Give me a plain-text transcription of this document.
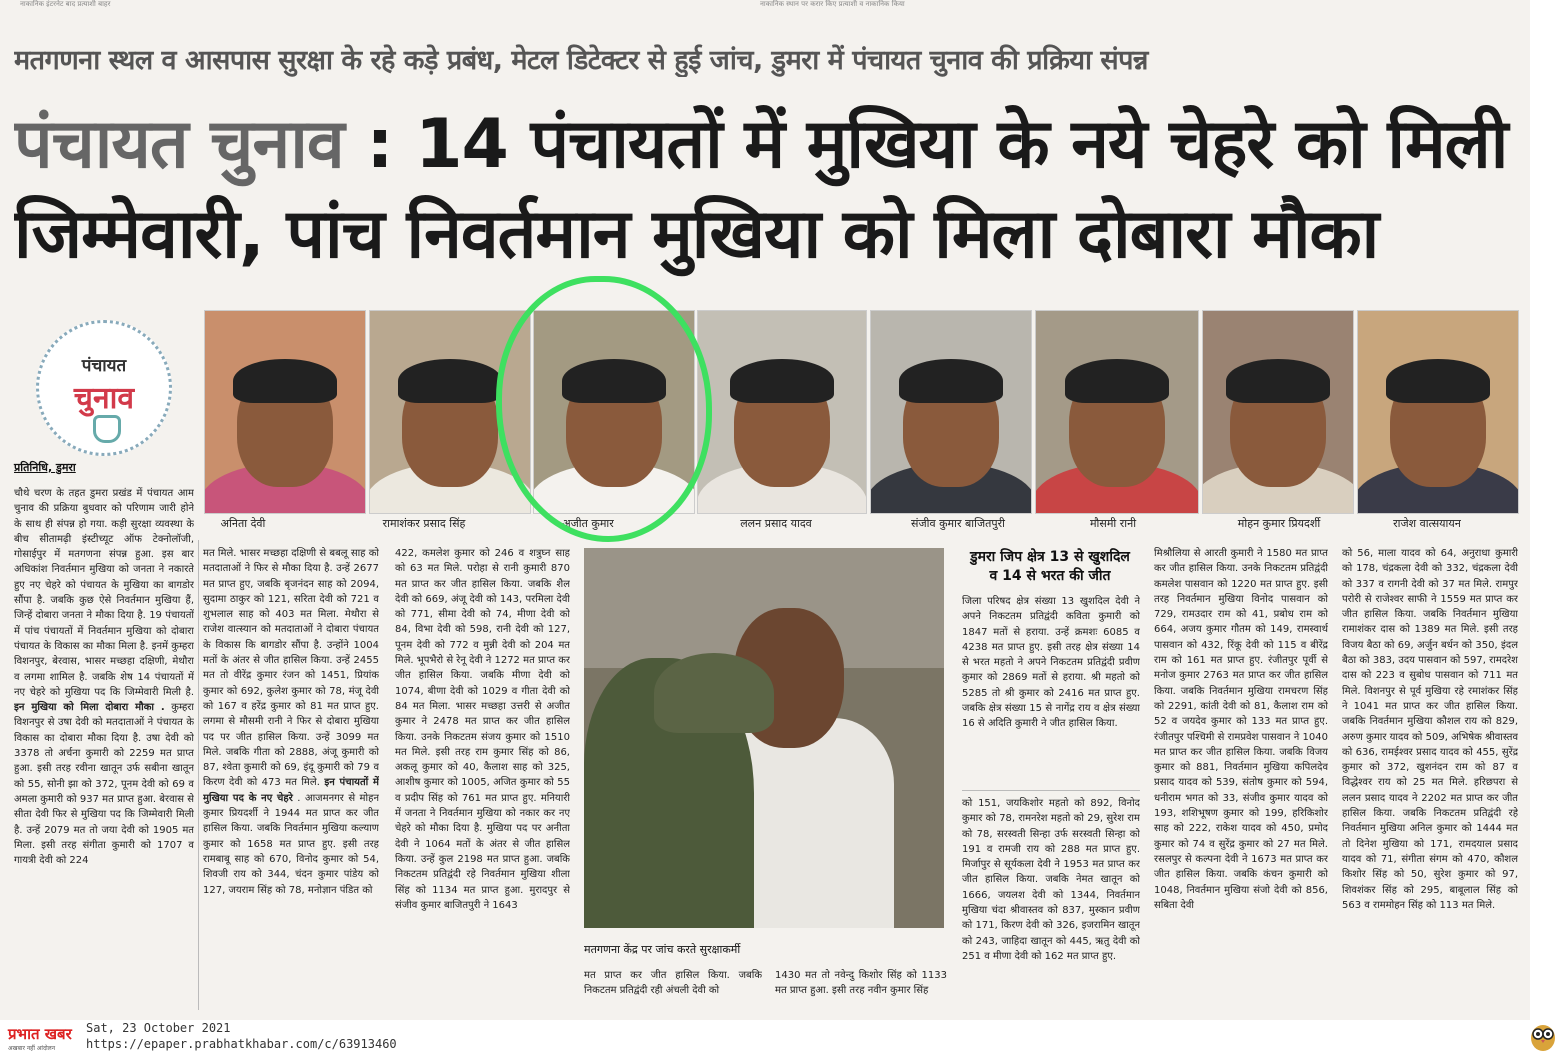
नाकानिक इंटरनेट बाद प्रत्याशी बाहर	नाकानिक स्थान पर करार किए प्रत्याशी व नाकानिक किया
मतगणना स्थल व आसपास सुरक्षा के रहे कड़े प्रबंध, मेटल डिटेक्टर से हुई जांच, डुमरा में पंचायत चुनाव की प्रक्रिया संपन्न
पंचायत चुनाव : 14 पंचायतों में मुखिया के नये चेहरे को मिली
जिम्मेवारी, पांच निवर्तमान मुखिया को मिला दोबारा मौका
पंचायत
चुनाव
प्रतिनिधि, डुमरा
अनिता देवी	रामाशंकर प्रसाद सिंह	अजीत कुमार	ललन प्रसाद यादव	संजीव कुमार बाजितपुरी	मौसमी रानी	मोहन कुमार प्रियदर्शी	राजेश वात्सयायन
चौथे चरण के तहत डुमरा प्रखंड में पंचायत आम चुनाव की प्रक्रिया बुधवार को परिणाम जारी होने के साथ ही संपन्न हो गया. कड़ी सुरक्षा व्यवस्था के बीच सीतामढ़ी इंस्टीच्यूट ऑफ टेक्नोलॉजी, गोसाईपुर में मतगणना संपन्न हुआ. इस बार अधिकांश निवर्तमान मुखिया को जनता ने नकारते हुए नए चेहरे को पंचायत के मुखिया का बागडोर सौंपा है. जबकि कुछ ऐसे निवर्तमान मुखिया हैं, जिन्हें दोबारा जनता ने मौका दिया है. 19 पंचायतों में पांच पंचायतों में निवर्तमान मुखिया को दोबारा पंचायत के विकास का मौका मिला है. इनमें कुम्हरा विशनपुर, बेरवास, भासर मच्छहा दक्षिणी, मेथौरा व लगमा शामिल है. जबकि शेष 14 पंचायतों में नए चेहरे को मुखिया पद कि जिम्मेवारी मिली है. इन मुखिया को मिला दोबारा मौका . कुम्हरा विशनपुर से उषा देवी को मतदाताओं ने पंचायत के विकास का दोबारा मौका दिया है. उषा देवी को 3378 तो अर्चना कुमारी को 2259 मत प्राप्त हुआ. इसी तरह रवीना खातून उर्फ सबीना खातून को 55, सोनी झा को 372, पूनम देवी को 69 व अमला कुमारी को 937 मत प्राप्त हुआ. बेरवास से सीता देवी फिर से मुखिया पद कि जिम्मेवारी मिली है. उन्हें 2079 मत तो जया देवी को 1905 मत मिला. इसी तरह संगीता कुमारी को 1707 व गायत्री देवी को 224
मत मिले. भासर मच्छहा दक्षिणी से बबलू साह को मतदाताओं ने फिर से मौका दिया है. उन्हें 2677 मत प्राप्त हुए, जबकि बृजनंदन साह को 2094, सुदामा ठाकुर को 121, सरिता देवी को 721 व शुभलाल साह को 403 मत मिला. मेथौरा से राजेश वात्स्यान को मतदाताओं ने दोबारा पंचायत के विकास कि बागडोर सौंपा है. उन्होंने 1004 मतों के अंतर से जीत हासिल किया. उन्हें 2455 मत तो वीरेंद्र कुमार रंजन को 1451, प्रियांक कुमार को 692, कुलेश कुमार को 78, मंजू देवी को 167 व हरेंद्र कुमार को 81 मत प्राप्त हुए. लगमा से मौसमी रानी ने फिर से दोबारा मुखिया पद पर जीत हासिल किया. उन्हें 3099 मत मिले. जबकि गीता को 2888, अंजू कुमारी को 87, श्वेता कुमारी को 69, इंदू कुमारी को 79 व किरण देवी को 473 मत मिले. इन पंचायतों में मुखिया पद के नए चेहरे . आजमनगर से मोहन कुमार प्रियदर्शी ने 1944 मत प्राप्त कर जीत हासिल किया. जबकि निवर्तमान मुखिया कल्याण कुमार को 1658 मत प्राप्त हुए. इसी तरह रामबाबू साह को 670, विनोद कुमार को 54, शिवजी राय को 344, चंदन कुमार पांडेय को 127, जयराम सिंह को 78, मनोज्ञान पंडित को
422, कमलेश कुमार को 246 व शत्रुघ्न साह को 63 मत मिले. परोहा से रानी कुमारी 870 मत प्राप्त कर जीत हासिल किया. जबकि शैल देवी को 669, अंजू देवी को 143, परमिला देवी को 771, सीमा देवी को 74, मीणा देवी को 84, विभा देवी को 598, रानी देवी को 127, पूनम देवी को 772 व मुन्नी देवी को 204 मत मिले. भूपभैरो से रेनू देवी ने 1272 मत प्राप्त कर जीत हासिल किया. जबकि मीणा देवी को 1074, बीणा देवी को 1029 व गीता देवी को 84 मत मिला. भासर मच्छहा उत्तरी से अजीत कुमार ने 2478 मत प्राप्त कर जीत हासिल किया. उनके निकटतम संजय कुमार को 1510 मत मिले. इसी तरह राम कुमार सिंह को 86, अकलू कुमार को 40, कैलाश साह को 325, आशीष कुमार को 1005, अजित कुमार को 55 व प्रदीप सिंह को 761 मत प्राप्त हुए. मनियारी में जनता ने निवर्तमान मुखिया को नकार कर नए चेहरे को मौका दिया है. मुखिया पद पर अनीता देवी ने 1064 मतों के अंतर से जीत हासिल किया. उन्हें कुल 2198 मत प्राप्त हुआ. जबकि निकटतम प्रतिद्वंदी रहे निवर्तमान मुखिया शीला सिंह को 1134 मत प्राप्त हुआ. मुरादपुर से संजीव कुमार बाजितपुरी ने 1643
मतगणना केंद्र पर जांच करते सुरक्षाकर्मी
मत प्राप्त कर जीत हासिल किया. जबकि निकटतम प्रतिद्वंदी रही अंचली देवी को
1430 मत तो नवेन्दु किशोर सिंह को 1133 मत प्राप्त हुआ. इसी तरह नवीन कुमार सिंह
डुमरा जिप क्षेत्र 13 से खुशदिल
व 14 से भरत की जीत
जिला परिषद क्षेत्र संख्या 13 खुशदिल देवी ने अपने निकटतम प्रतिद्वंदी कविता कुमारी को 1847 मतों से हराया. उन्हें क्रमशः 6085 व 4238 मत प्राप्त हुए. इसी तरह क्षेत्र संख्या 14 से भरत महतो ने अपने निकटतम प्रतिद्वंदी प्रवीण कुमार को 2869 मतों से हराया. श्री महतो को 5285 तो श्री कुमार को 2416 मत प्राप्त हुए. जबकि क्षेत्र संख्या 15 से नागेंद्र राय व क्षेत्र संख्या 16 से अदिति कुमारी ने जीत हासिल किया.
को 151, जयकिशोर महतो को 892, विनोद कुमार को 78, रामनरेश महतो को 29, सुरेश राम को 78, सरस्वती सिन्हा उर्फ सरस्वती सिन्हा को 191 व रामजी राय को 288 मत प्राप्त हुए. मिर्जापुर से सूर्यकला देवी ने 1953 मत प्राप्त कर जीत हासिल किया. जबकि नेमत खातून को 1666, जयलश देवी को 1344, निवर्तमान मुखिया चंदा श्रीवास्तव को 837, मुस्कान प्रवीण को 171, किरण देवी को 326, इजरामिन खातून को 243, जाहिदा खातून को 445, ऋतु देवी को 251 व मीणा देवी को 162 मत प्राप्त हुए.
मिश्रौलिया से आरती कुमारी ने 1580 मत प्राप्त कर जीत हासिल किया. उनके निकटतम प्रतिद्वंदी कमलेश पासवान को 1220 मत प्राप्त हुए. इसी तरह निवर्तमान मुखिया विनोद पासवान को 729, रामउदार राम को 41, प्रबोध राम को 664, अजय कुमार गौतम को 149, रामस्वार्थ पासवान को 432, रिंकू देवी को 115 व बीरेंद्र राम को 161 मत प्राप्त हुए. रंजीतपुर पूर्वी से मनोज कुमार 2763 मत प्राप्त कर जीत हासिल किया. जबकि निवर्तमान मुखिया रामचरण सिंह को 2291, कांती देवी को 81, कैलाश राम को 52 व जयदेव कुमार को 133 मत प्राप्त हुए. रंजीतपुर पश्चिमी से रामप्रवेश पासवान ने 1040 मत प्राप्त कर जीत हासिल किया. जबकि विजय कुमार को 881, निवर्तमान मुखिया कपिलदेव प्रसाद यादव को 539, संतोष कुमार को 594, धनीराम भगत को 33, संजीव कुमार यादव को 193, शशिभूषण कुमार को 199, हरिकिशोर साह को 222, राकेश यादव को 450, प्रमोद कुमार को 74 व सुरेंद्र कुमार को 27 मत मिले. रसलपुर से कल्पना देवी ने 1673 मत प्राप्त कर जीत हासिल किया. जबकि कंचन कुमारी को 1048, निवर्तमान मुखिया संजो देवी को 856, सबिता देवी
को 56, माला यादव को 64, अनुराधा कुमारी को 178, चंद्रकला देवी को 332, चंद्रकला देवी को 337 व रागनी देवी को 37 मत मिले. रामपुर परोरी से राजेश्वर साफी ने 1559 मत प्राप्त कर जीत हासिल किया. जबकि निवर्तमान मुखिया रामाशंकर दास को 1389 मत मिले. इसी तरह विजय बैठा को 69, अर्जुन बर्धन को 350, इंदल बैठा को 383, उदय पासवान को 597, रामदरेश दास को 223 व सुबोध पासवान को 711 मत मिले. विशनपुर से पूर्व मुखिया रहे रमाशंकर सिंह ने 1041 मत प्राप्त कर जीत हासिल किया. जबकि निवर्तमान मुखिया कौशल राय को 829, अरुण कुमार यादव को 509, अभिषेक श्रीवास्तव को 636, रामईश्वर प्रसाद यादव को 455, सुरेंद्र कुमार को 372, खुशनंदन राम को 87 व विद्धेश्वर राय को 25 मत मिले. हरिछपरा से ललन प्रसाद यादव ने 2202 मत प्राप्त कर जीत हासिल किया. जबकि निकटतम प्रतिद्वंदी रहे निवर्तमान मुखिया अनिल कुमार को 1444 मत तो दिनेश मुखिया को 171, रामदयाल प्रसाद यादव को 71, संगीता संगम को 470, कौशल किशोर सिंह को 50, सुरेश कुमार को 97, शिवशंकर सिंह को 295, बाबूलाल सिंह को 563 व राममोहन सिंह को 113 मत मिले.
प्रभात खबर
अखबार नहीं आंदोलन
Sat, 23 October 2021
https://epaper.prabhatkhabar.com/c/63913460
